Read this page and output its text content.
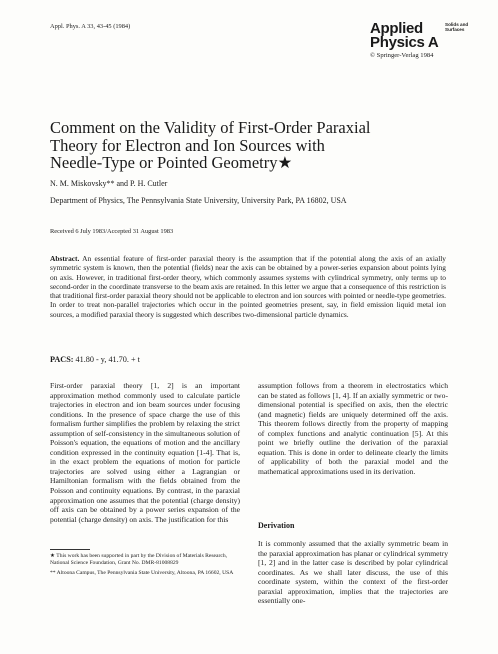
Appl. Phys. A 33, 43-45 (1984)	Applied
Physics A
Solids and Surfaces
© Springer-Verlag 1984
Comment on the Validity of First-Order Paraxial Theory for Electron and Ion Sources with Needle-Type or Pointed Geometry★
N. M. Miskovsky** and P. H. Cutler
Department of Physics, The Pennsylvania State University, University Park, PA 16802, USA
Received 6 July 1983/Accepted 31 August 1983
Abstract. An essential feature of first-order paraxial theory is the assumption that if the potential along the axis of an axially symmetric system is known, then the potential (fields) near the axis can be obtained by a power-series expansion about points lying on axis. However, in traditional first-order theory, which commonly assumes systems with cylindrical symmetry, only terms up to second-order in the coordinate transverse to the beam axis are retained. In this letter we argue that a consequence of this restriction is that traditional first-order paraxial theory should not be applicable to electron and ion sources with pointed or needle-type geometries. In order to treat non-parallel trajectories which occur in the pointed geometries present, say, in field emission liquid metal ion sources, a modified paraxial theory is suggested which describes two-dimensional particle dynamics.
PACS: 41.80 - y, 41.70. + t
First-order paraxial theory [1, 2] is an important approximation method commonly used to calculate particle trajectories in electron and ion beam sources under focusing conditions. In the presence of space charge the use of this formalism further simplifies the problem by relaxing the strict assumption of self-consistency in the simultaneous solution of Poisson's equation, the equations of motion and the ancillary condition expressed in the continuity equation [1-4]. That is, in the exact problem the equations of motion for particle trajectories are solved using either a Lagrangian or Hamiltonian formalism with the fields obtained from the Poisson and continuity equations. By contrast, in the paraxial approximation one assumes that the potential (charge density) off axis can be obtained by a power series expansion of the potential (charge density) on axis. The justification for this
assumption follows from a theorem in electrostatics which can be stated as follows [1, 4]. If an axially symmetric or two-dimensional potential is specified on axis, then the electric (and magnetic) fields are uniquely determined off the axis. This theorem follows directly from the property of mapping of complex functions and analytic continuation [5]. At this point we briefly outline the derivation of the paraxial equation. This is done in order to delineate clearly the limits of applicability of both the paraxial model and the mathematical approximations used in its derivation.
★ This work has been supported in part by the Division of Materials Research, National Science Foundation, Grant No. DMR-81008829
** Altoona Campus, The Pennsylvania State University, Altoona, PA 16602, USA
Derivation
It is commonly assumed that the axially symmetric beam in the paraxial approximation has planar or cylindrical symmetry [1, 2] and in the latter case is described by polar cylindrical coordinates. As we shall later discuss, the use of this coordinate system, within the context of the first-order paraxial approximation, implies that the trajectories are essentially one-
